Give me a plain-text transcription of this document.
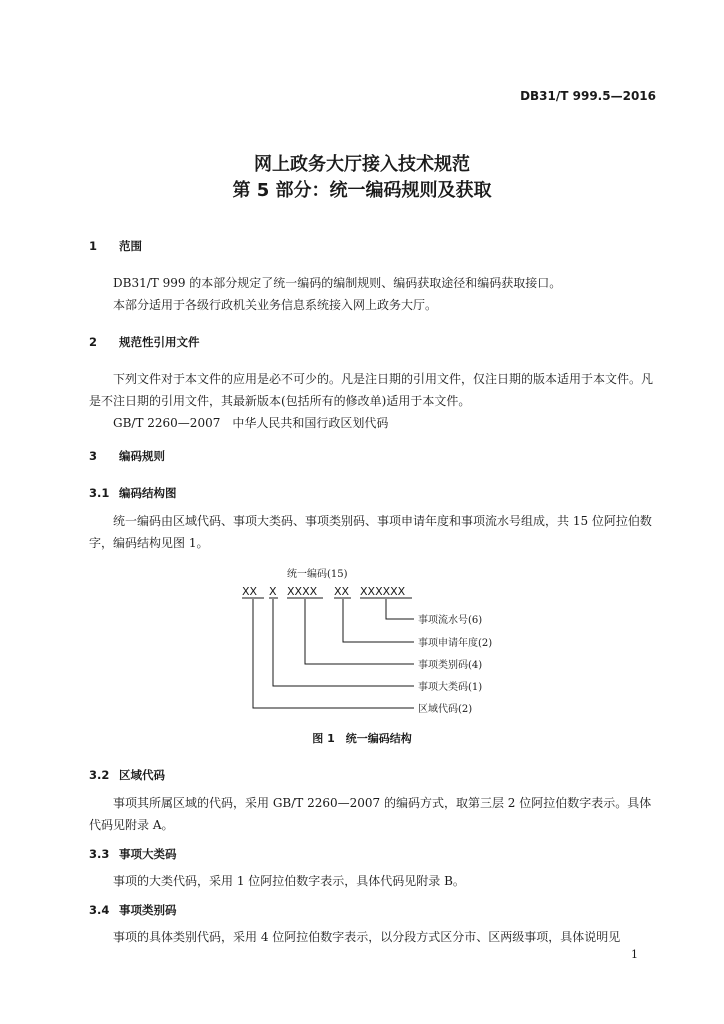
DB31/T 999.5—2016
网上政务大厅接入技术规范
第 5 部分：统一编码规则及获取
1 范围

DB31/T 999 的本部分规定了统一编码的编制规则、编码获取途径和编码获取接口。

本部分适用于各级行政机关业务信息系统接入网上政务大厅。

2 规范性引用文件

下列文件对于本文件的应用是必不可少的。凡是注日期的引用文件，仅注日期的版本适用于本文件。凡是不注日期的引用文件，其最新版本(包括所有的修改单)适用于本文件。

GB/T 2260—2007　中华人民共和国行政区划代码

3 编码规则
3.1 编码结构图

统一编码由区域代码、事项大类码、事项类别码、事项申请年度和事项流水号组成，共 15 位阿拉伯数字，编码结构见图 1。

统一编码(15)
XX X XXXX XX XXXXXX
事项流水号(6)
事项申请年度(2)
事项类别码(4)
事项大类码(1)
区域代码(2)
图 1　统一编码结构
3.2 区域代码

事项其所属区域的代码，采用 GB/T 2260—2007 的编码方式，取第三层 2 位阿拉伯数字表示。具体代码见附录 A。

3.3 事项大类码

事项的大类代码，采用 1 位阿拉伯数字表示，具体代码见附录 B。

3.4 事项类别码

事项的具体类别代码，采用 4 位阿拉伯数字表示，以分段方式区分市、区两级事项，具体说明见

1
